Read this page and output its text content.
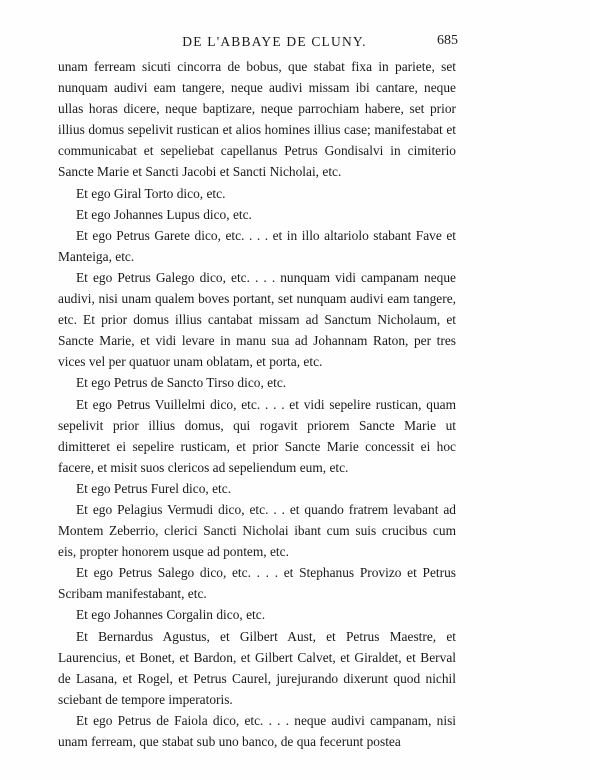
DE L'ABBAYE DE CLUNY.	685

unam ferream sicuti cincorra de bobus, que stabat fixa in pariete, set nunquam audivi eam tangere, neque audivi missam ibi cantare, neque ullas horas dicere, neque baptizare, neque parrochiam habere, set prior illius domus sepelivit rustican et alios homines illius case; manifestabat et communicabat et sepeliebat capellanus Petrus Gondisalvi in cimiterio Sancte Marie et Sancti Jacobi et Sancti Nicholai, etc.

Et ego Giral Torto dico, etc.

Et ego Johannes Lupus dico, etc.

Et ego Petrus Garete dico, etc. . . . et in illo altariolo stabant Fave et Manteiga, etc.

Et ego Petrus Galego dico, etc. . . . nunquam vidi campanam neque audivi, nisi unam qualem boves portant, set nunquam audivi eam tangere, etc. Et prior domus illius cantabat missam ad Sanctum Nicholaum, et Sancte Marie, et vidi levare in manu sua ad Johannam Raton, per tres vices vel per quatuor unam oblatam, et porta, etc.

Et ego Petrus de Sancto Tirso dico, etc.

Et ego Petrus Vuillelmi dico, etc. . . . et vidi sepelire rustican, quam sepelivit prior illius domus, qui rogavit priorem Sancte Marie ut dimitteret ei sepelire rusticam, et prior Sancte Marie concessit ei hoc facere, et misit suos clericos ad sepeliendum eum, etc.

Et ego Petrus Furel dico, etc.

Et ego Pelagius Vermudi dico, etc. . . et quando fratrem levabant ad Montem Zeberrio, clerici Sancti Nicholai ibant cum suis crucibus cum eis, propter honorem usque ad pontem, etc.

Et ego Petrus Salego dico, etc. . . . et Stephanus Provizo et Petrus Scribam manifestabant, etc.

Et ego Johannes Corgalin dico, etc.

Et Bernardus Agustus, et Gilbert Aust, et Petrus Maestre, et Laurencius, et Bonet, et Bardon, et Gilbert Calvet, et Giraldet, et Berval de Lasana, et Rogel, et Petrus Caurel, jurejurando dixerunt quod nichil sciebant de tempore imperatoris.

Et ego Petrus de Faiola dico, etc. . . . neque audivi campanam, nisi unam ferream, que stabat sub uno banco, de qua fecerunt postea
